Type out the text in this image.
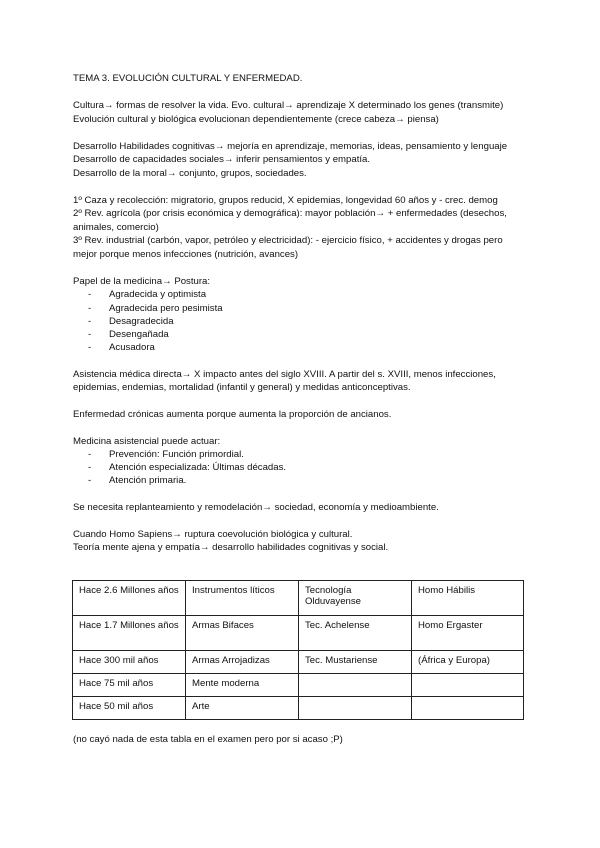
TEMA 3. EVOLUCIÓN CULTURAL Y ENFERMEDAD.
Cultura→ formas de resolver la vida. Evo. cultural→ aprendizaje X determinado los genes (transmite)
Evolución cultural y biológica evolucionan dependientemente (crece cabeza→ piensa)
Desarrollo Habilidades cognitivas→ mejoría en aprendizaje, memorias, ideas, pensamiento y lenguaje
Desarrollo de capacidades sociales→ inferir pensamientos y empatía.
Desarrollo de la moral→ conjunto, grupos, sociedades.
1º Caza y recolección: migratorio, grupos reducid, X epidemias, longevidad 60 años y - crec. demog
2º Rev. agrícola (por crisis económica y demográfica): mayor población→ + enfermedades (desechos,
animales, comercio)
3º Rev. industrial (carbón, vapor, petróleo y electricidad): - ejercicio físico, + accidentes y drogas pero
mejor porque menos infecciones (nutrición, avances)
Papel de la medicina→ Postura:
- Agradecida y optimista
- Agradecida pero pesimista
- Desagradecida
- Desengañada
- Acusadora
Asistencia médica directa→ X impacto antes del siglo XVIII. A partir del s. XVIII, menos infecciones,
epidemias, endemias, mortalidad (infantil y general) y medidas anticonceptivas.
Enfermedad crónicas aumenta porque aumenta la proporción de ancianos.
Medicina asistencial puede actuar:
- Prevención: Función primordial.
- Atención especializada: Últimas décadas.
- Atención primaria.
Se necesita replanteamiento y remodelación→ sociedad, economía y medioambiente.
Cuando Homo Sapiens→ ruptura coevolución biológica y cultural.
Teoría mente ajena y empatía→ desarrollo habilidades cognitivas y social.
Hace 2.6 Millones años	Instrumentos líticos	Tecnología Olduvayense	Homo Hábilis
Hace 1.7 Millones años	Armas Bifaces	Tec. Achelense	Homo Ergaster
Hace 300 mil años	Armas Arrojadizas	Tec. Mustariense	(África y Europa)
Hace 75 mil años	Mente moderna		
Hace 50 mil años	Arte		
(no cayó nada de esta tabla en el examen pero por si acaso ;P)
